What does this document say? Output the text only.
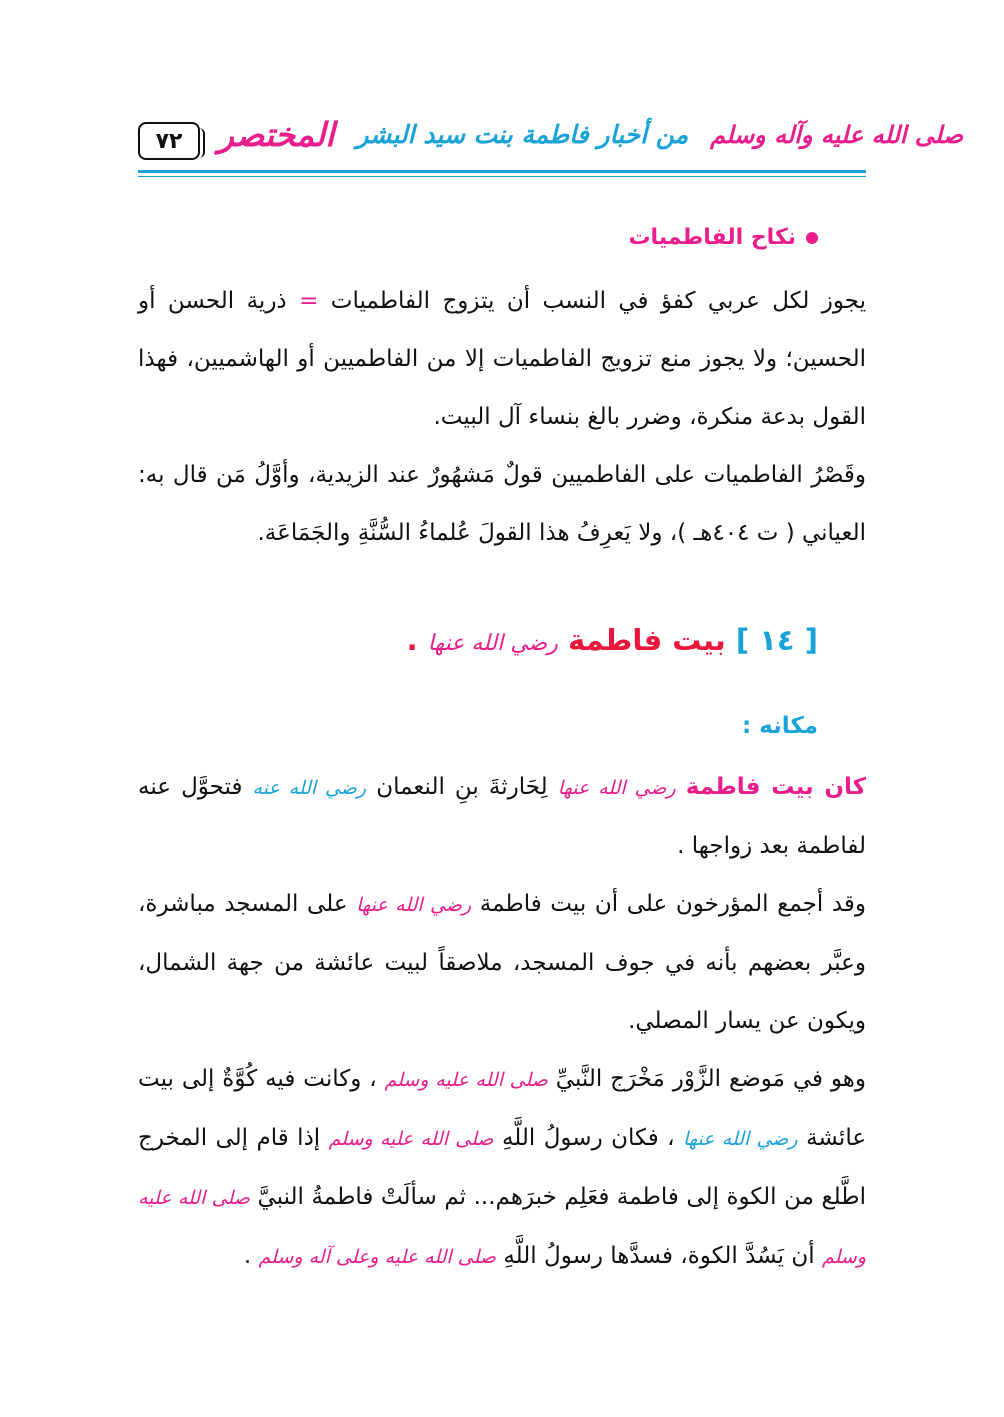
٧٢	المختصر من أخبار فاطمة بنت سيد البشر صلى الله عليه وآله وسلم
نكاح الفاطميات

يجوز لكل عربي كفؤ في النسب أن يتزوج الفاطميات = ذرية الحسن أو الحسين؛ ولا يجوز منع تزويج الفاطميات إلا من الفاطميين أو الهاشميين، فهذا القول بدعة منكرة، وضرر بالغ بنساء آل البيت.

وقَصْرُ الفاطميات على الفاطميين قولٌ مَشهُورٌ عند الزيدية، وأوَّلُ مَن قال به: العياني ( ت ٤٠٤هـ )، ولا يَعرِفُ هذا القولَ عُلماءُ السُّنَّةِ والجَمَاعَة.

[ ١٤ ] بيت فاطمة رضي الله عنها .
مكانه :

كان بيت فاطمة رضي الله عنها لِحَارثةَ بنِ النعمان رضي الله عنه فتحوَّل عنه لفاطمة بعد زواجها .

وقد أجمع المؤرخون على أن بيت فاطمة رضي الله عنها على المسجد مباشرة، وعبَّر بعضهم بأنه في جوف المسجد، ملاصقاً لبيت عائشة من جهة الشمال، ويكون عن يسار المصلي.

وهو في مَوضع الزَّوْر مَخْرَج النَّبيِّ صلى الله عليه وسلم ، وكانت فيه كُوَّةٌ إلى بيت عائشة رضي الله عنها ، فكان رسولُ اللَّهِ صلى الله عليه وسلم إذا قام إلى المخرج اطَّلع من الكوة إلى فاطمة فعَلِم خبرَهم... ثم سألَتْ فاطمةُ النبيَّ صلى الله عليه وسلم أن يَسُدَّ الكوة، فسدَّها رسولُ اللَّهِ صلى الله عليه وعلى آله وسلم .
